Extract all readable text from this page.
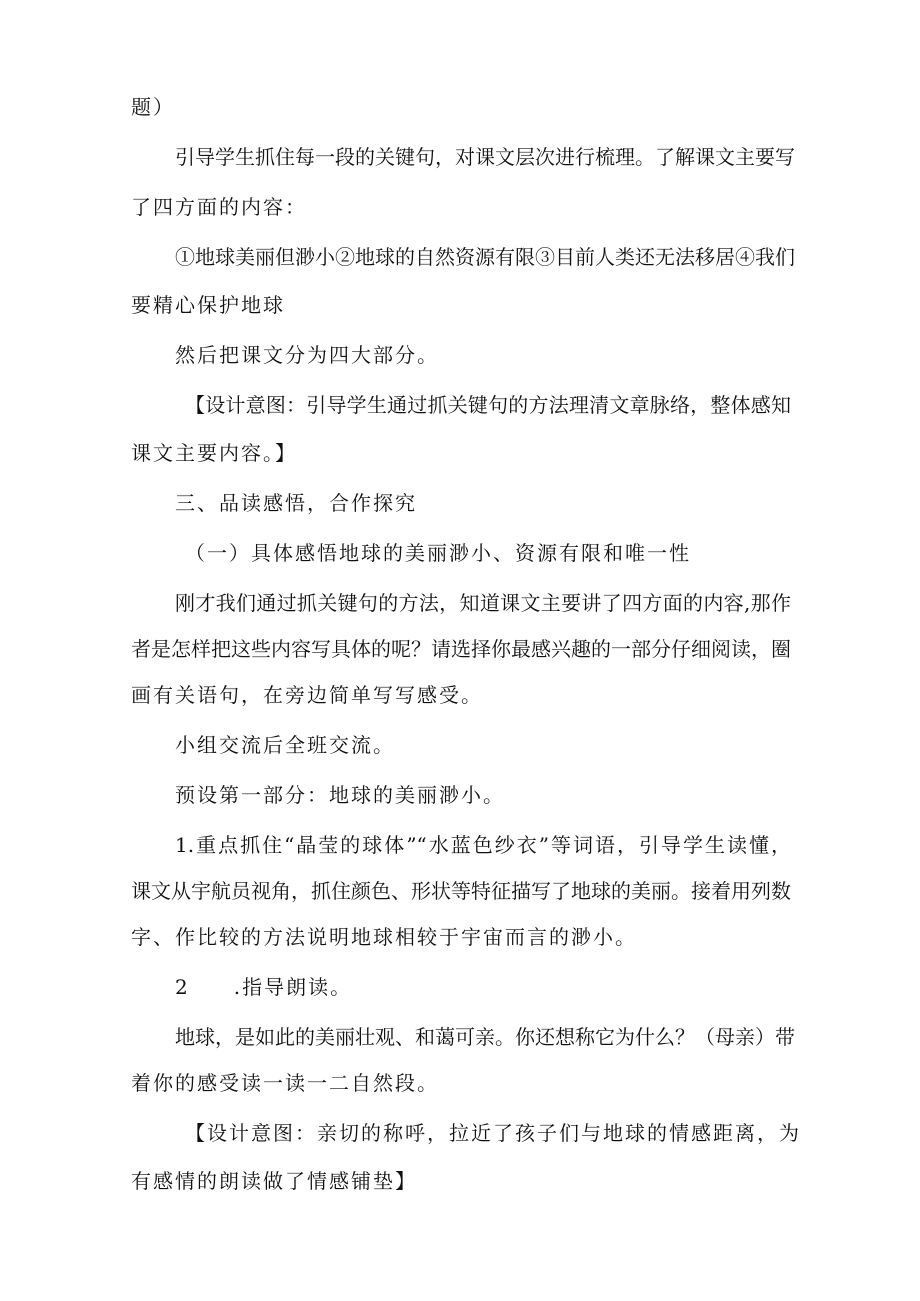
题）
引导学生抓住每一段的关键句，对课文层次进行梳理。了解课文主要写
了四方面的内容：
①地球美丽但渺小②地球的自然资源有限③目前人类还无法移居④我们
要精心保护地球
然后把课文分为四大部分。
【设计意图：引导学生通过抓关键句的方法理清文章脉络，整体感知
课文主要内容。】
三、品读感悟，合作探究
（一）具体感悟地球的美丽渺小、资源有限和唯一性
刚才我们通过抓关键句的方法，知道课文主要讲了四方面的内容,那作
者是怎样把这些内容写具体的呢？请选择你最感兴趣的一部分仔细阅读，圈
画有关语句，在旁边简单写写感受。
小组交流后全班交流。
预设第一部分：地球的美丽渺小。
1.重点抓住“晶莹的球体”“水蓝色纱衣”等词语，引导学生读懂，
课文从宇航员视角，抓住颜色、形状等特征描写了地球的美丽。接着用列数
字、作比较的方法说明地球相较于宇宙而言的渺小。
2　　.指导朗读。
地球，是如此的美丽壮观、和蔼可亲。你还想称它为什么？（母亲）带
着你的感受读一读一二自然段。
【设计意图：亲切的称呼，拉近了孩子们与地球的情感距离，为
有感情的朗读做了情感铺垫】
